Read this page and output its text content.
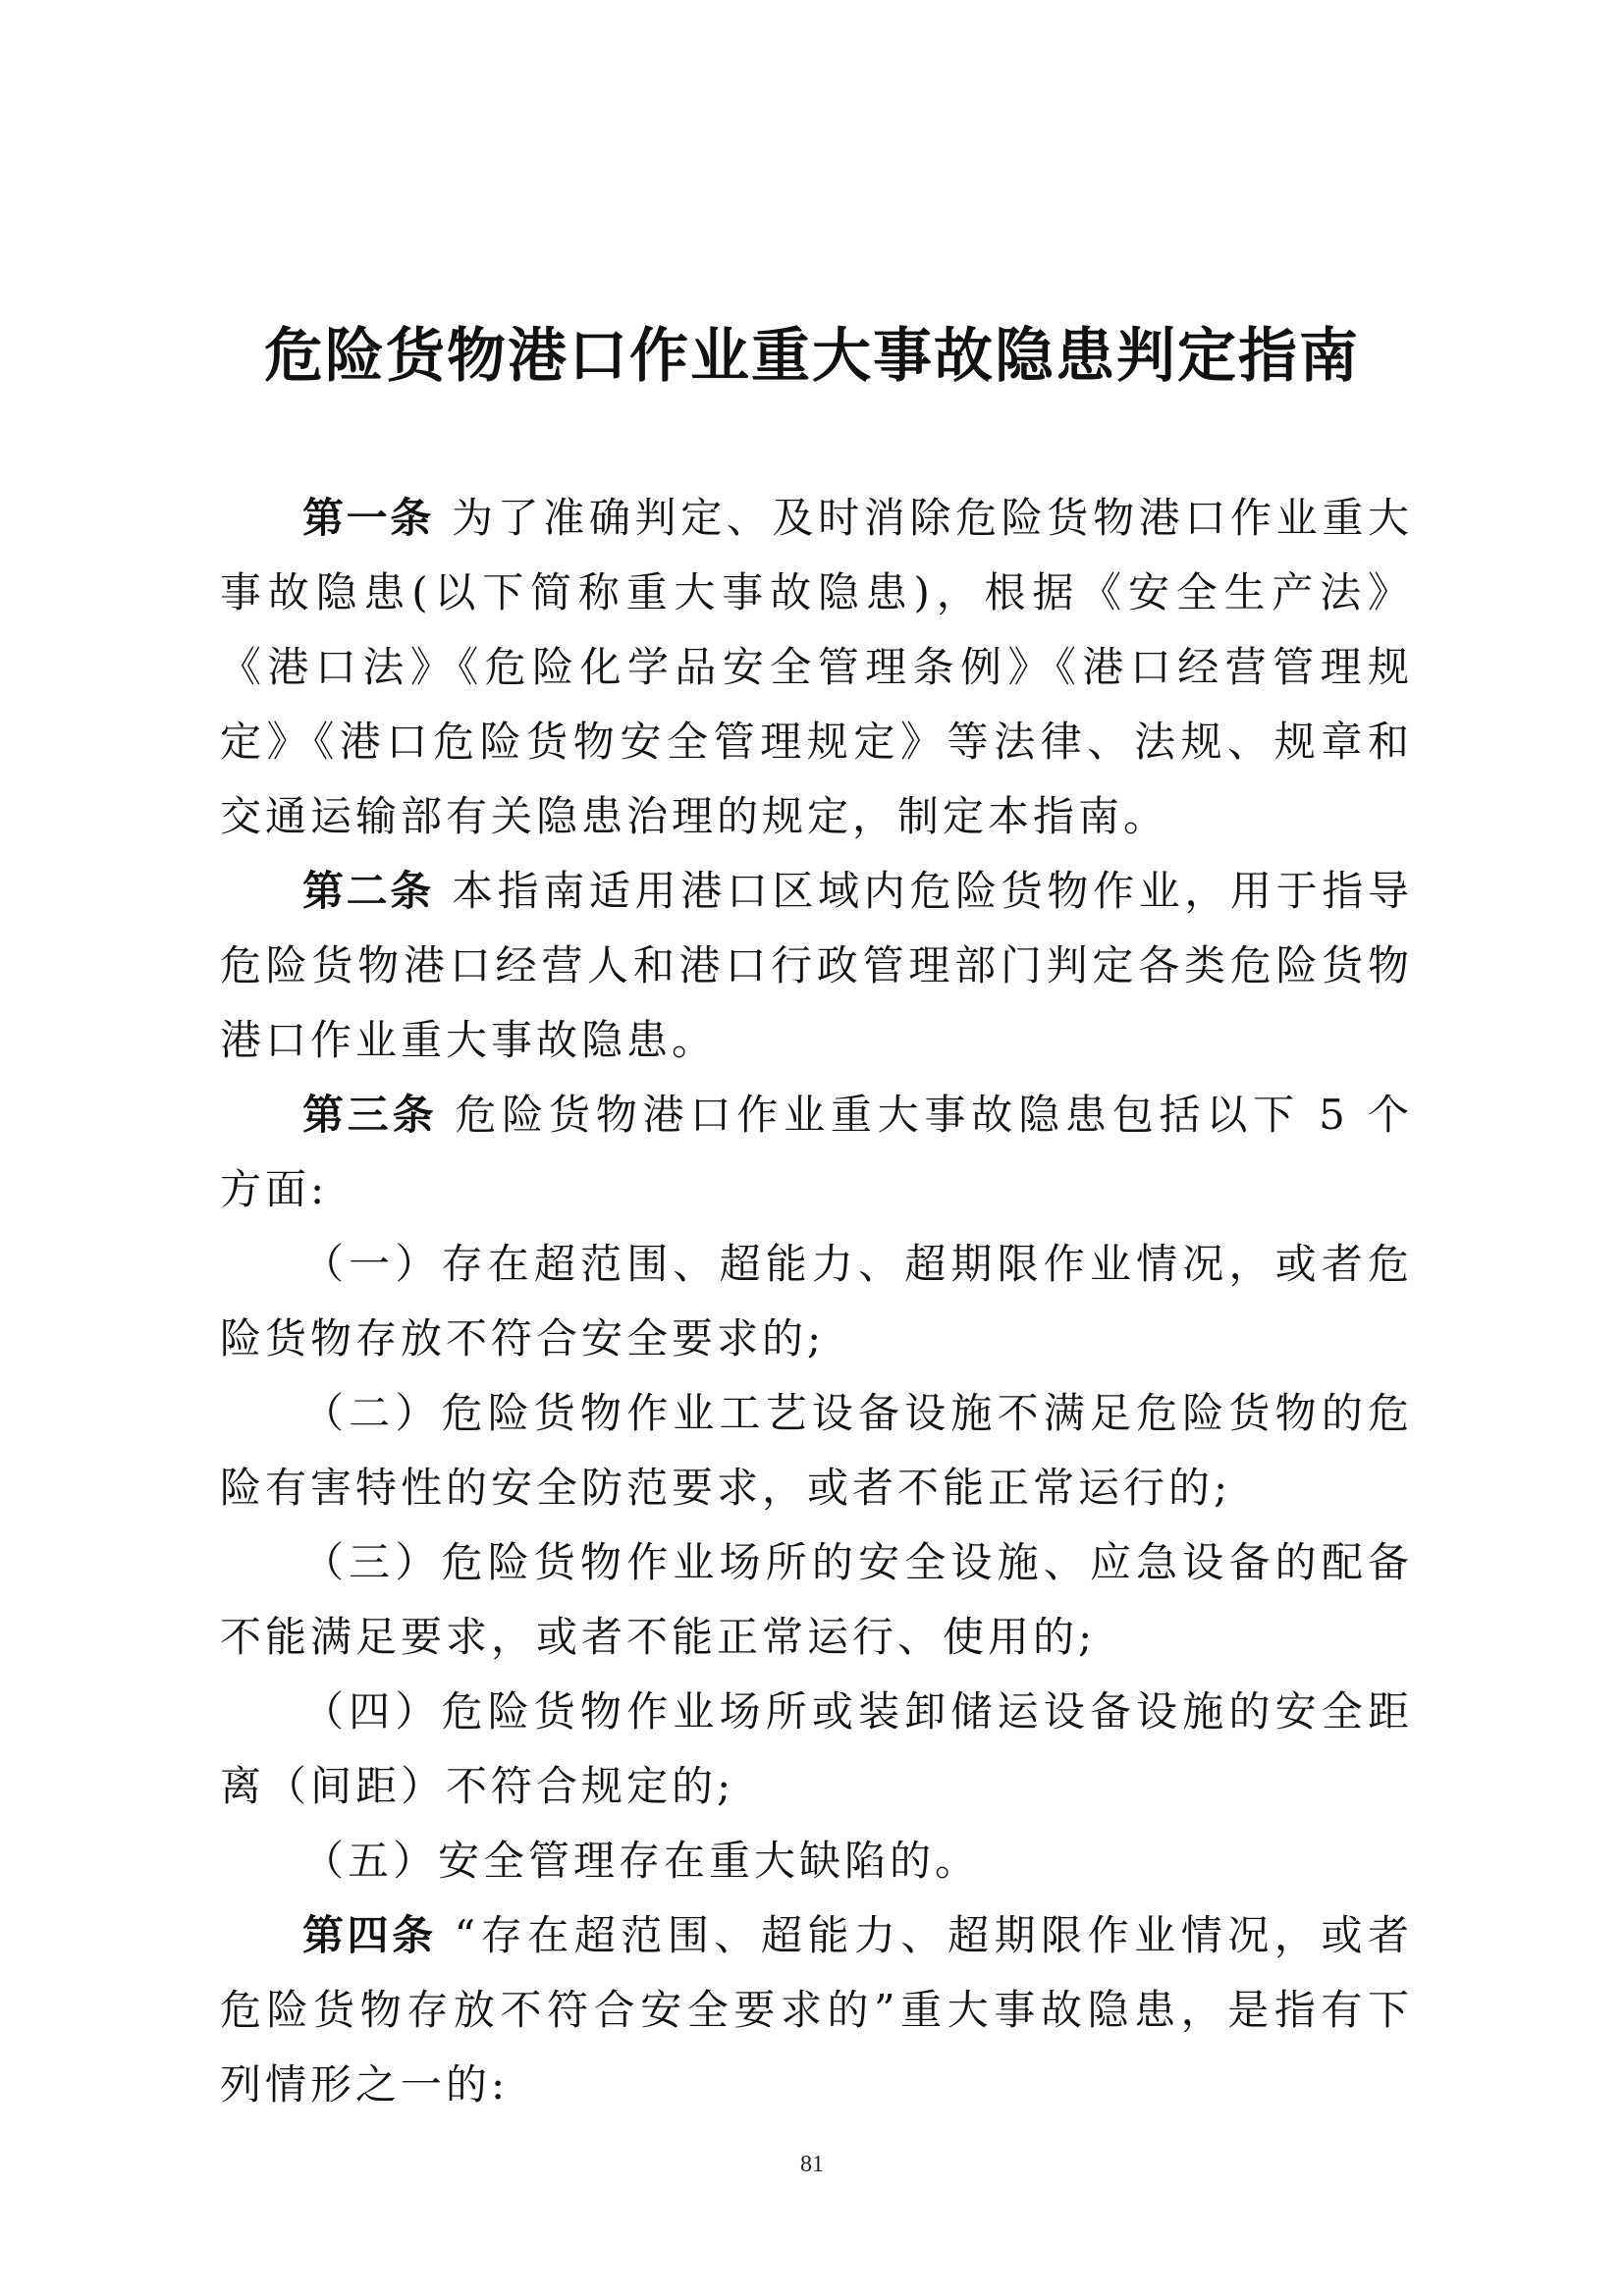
危险货物港口作业重大事故隐患判定指南

第一条 为了准确判定、及时消除危险货物港口作业重大事故隐患(以下简称重大事故隐患)，根据《安全生产法》《港口法》《危险化学品安全管理条例》《港口经营管理规定》《港口危险货物安全管理规定》等法律、法规、规章和交通运输部有关隐患治理的规定，制定本指南。

第二条 本指南适用港口区域内危险货物作业，用于指导危险货物港口经营人和港口行政管理部门判定各类危险货物港口作业重大事故隐患。

第三条 危险货物港口作业重大事故隐患包括以下 5 个方面:

（一）存在超范围、超能力、超期限作业情况，或者危险货物存放不符合安全要求的;

（二）危险货物作业工艺设备设施不满足危险货物的危险有害特性的安全防范要求，或者不能正常运行的;

（三）危险货物作业场所的安全设施、应急设备的配备不能满足要求，或者不能正常运行、使用的;

（四）危险货物作业场所或装卸储运设备设施的安全距离（间距）不符合规定的;

（五）安全管理存在重大缺陷的。

第四条 “存在超范围、超能力、超期限作业情况，或者危险货物存放不符合安全要求的”重大事故隐患，是指有下列情形之一的:

81
